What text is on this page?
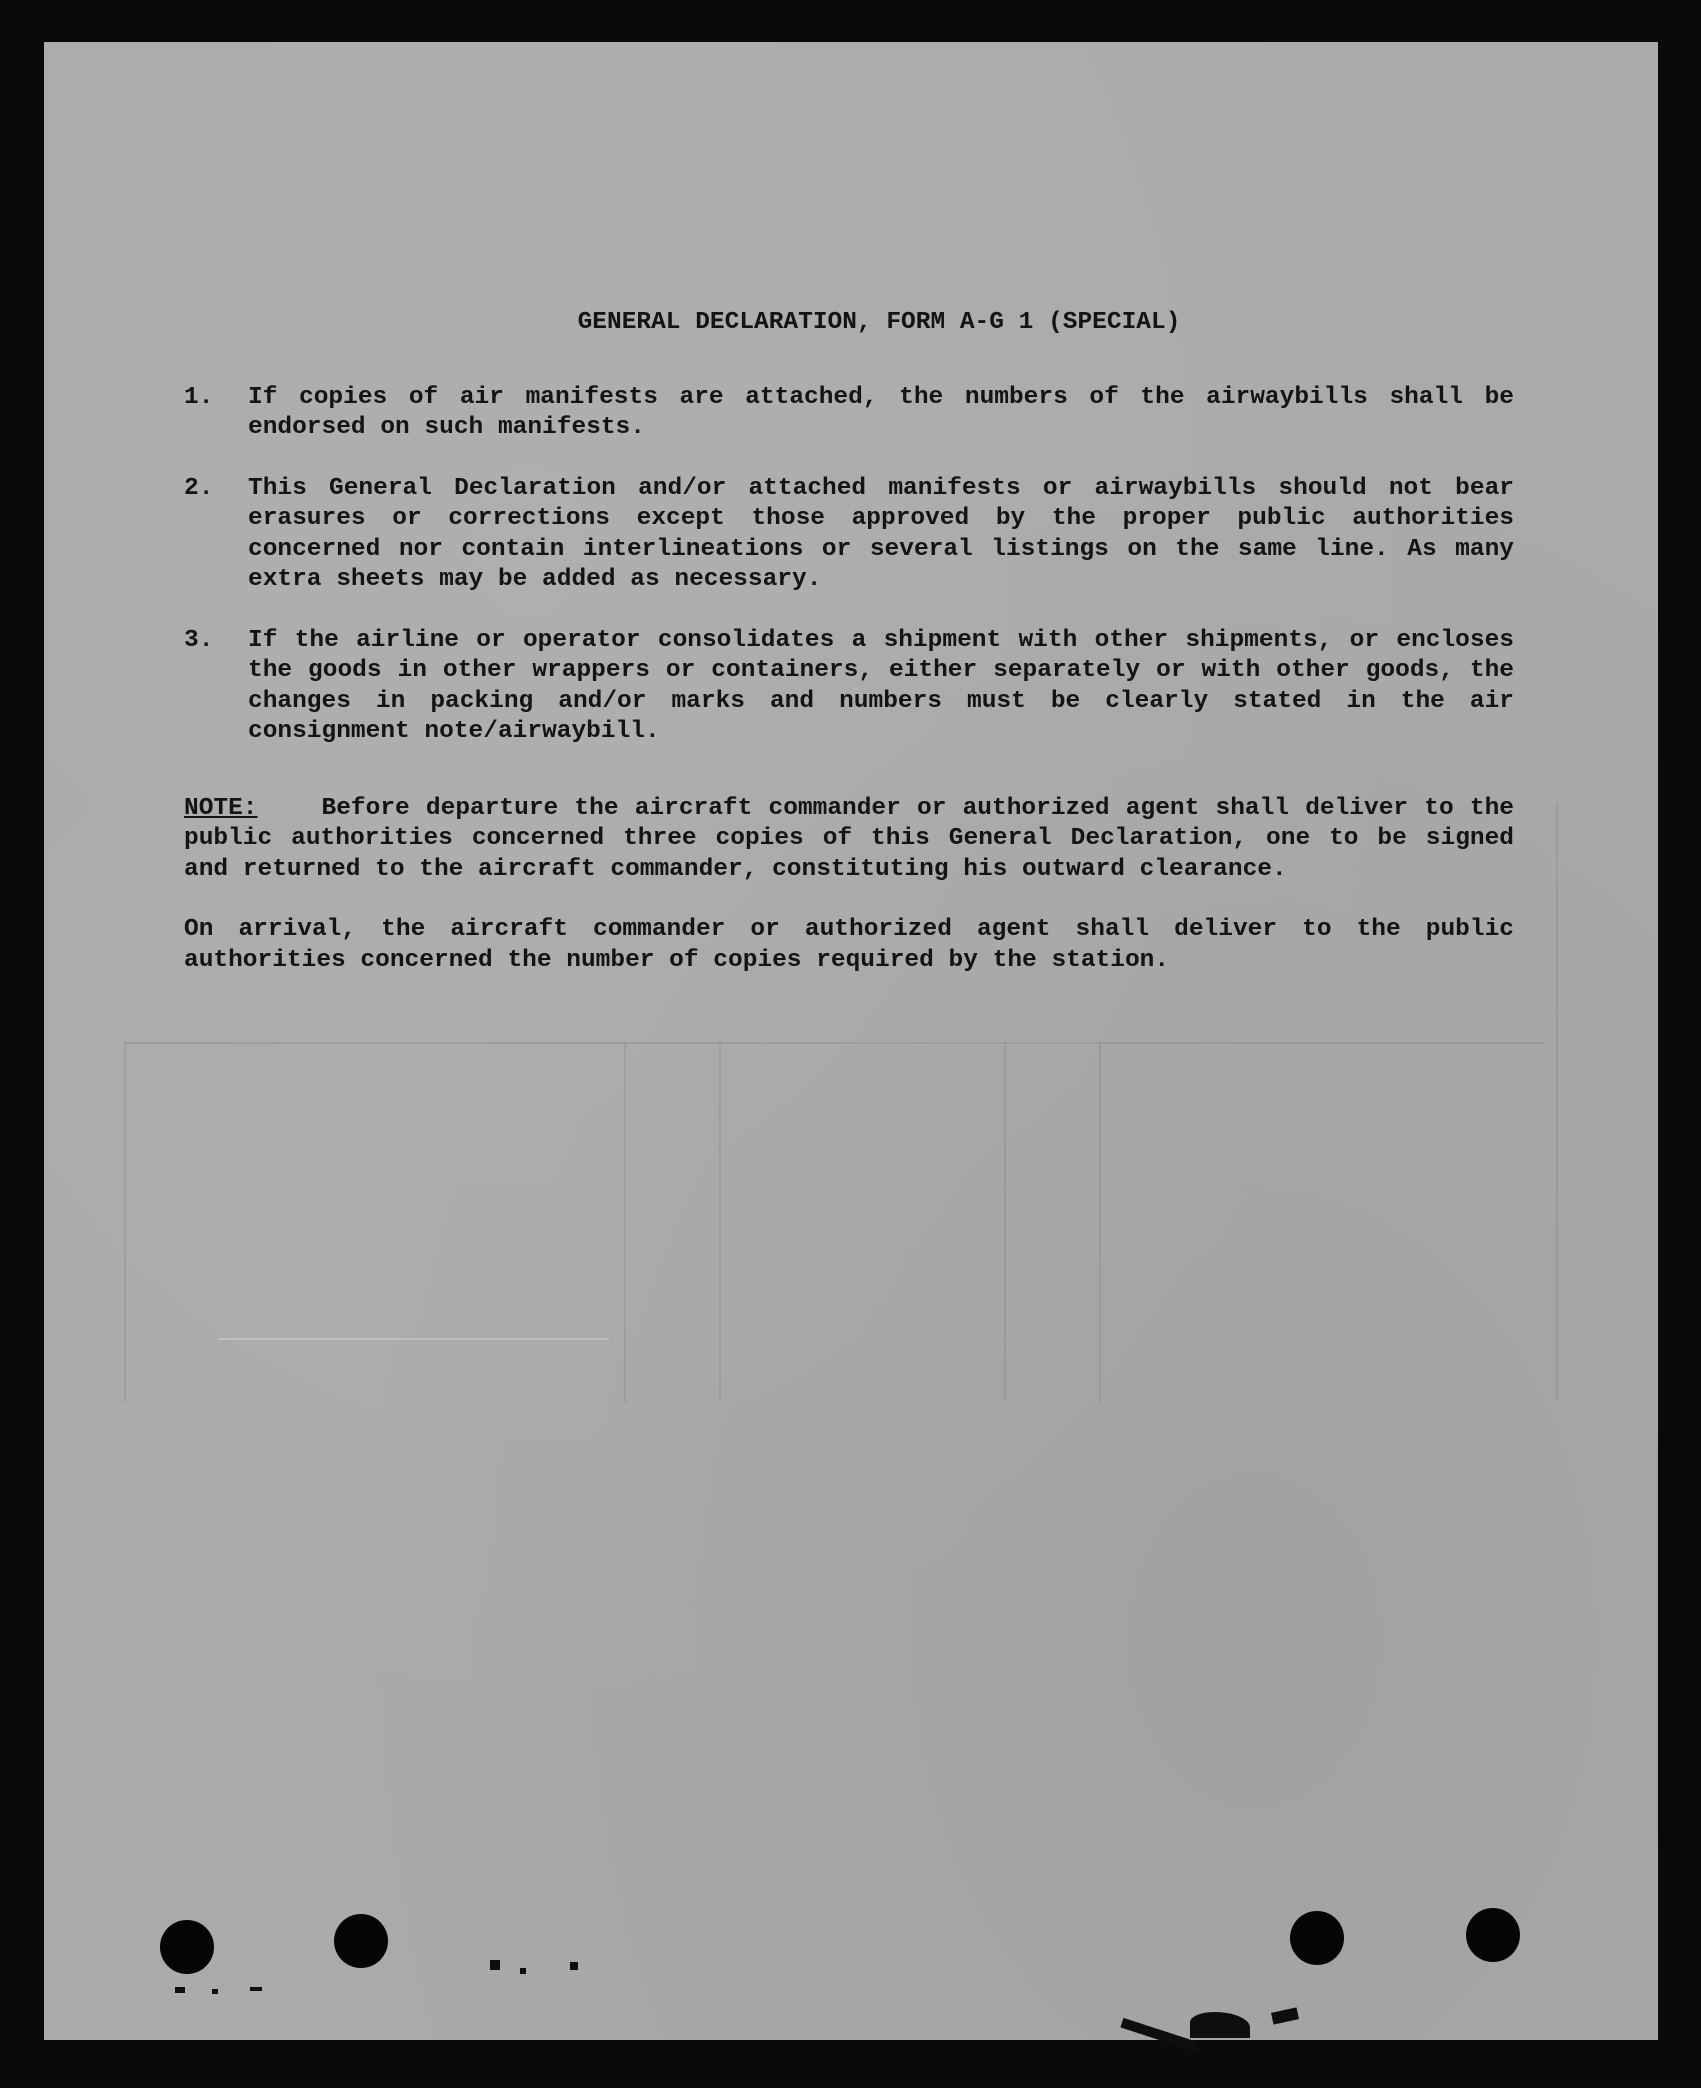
GENERAL DECLARATION, FORM A-G 1 (SPECIAL)
1. If copies of air manifests are attached, the numbers of the airwaybills shall be endorsed on such manifests.
2. This General Declaration and/or attached manifests or airwaybills should not bear erasures or corrections except those approved by the proper public authorities concerned nor contain interlineations or several listings on the same line. As many extra sheets may be added as necessary.
3. If the airline or operator consolidates a shipment with other shipments, or encloses the goods in other wrappers or containers, either separately or with other goods, the changes in packing and/or marks and numbers must be clearly stated in the air consignment note/airwaybill.

NOTE:	Before departure the aircraft commander or authorized agent shall deliver to the public authorities concerned three copies of this General Declaration, one to be signed and returned to the aircraft commander, constituting his outward clearance.

On arrival, the aircraft commander or authorized agent shall deliver to the public authorities concerned the number of copies required by the station.
